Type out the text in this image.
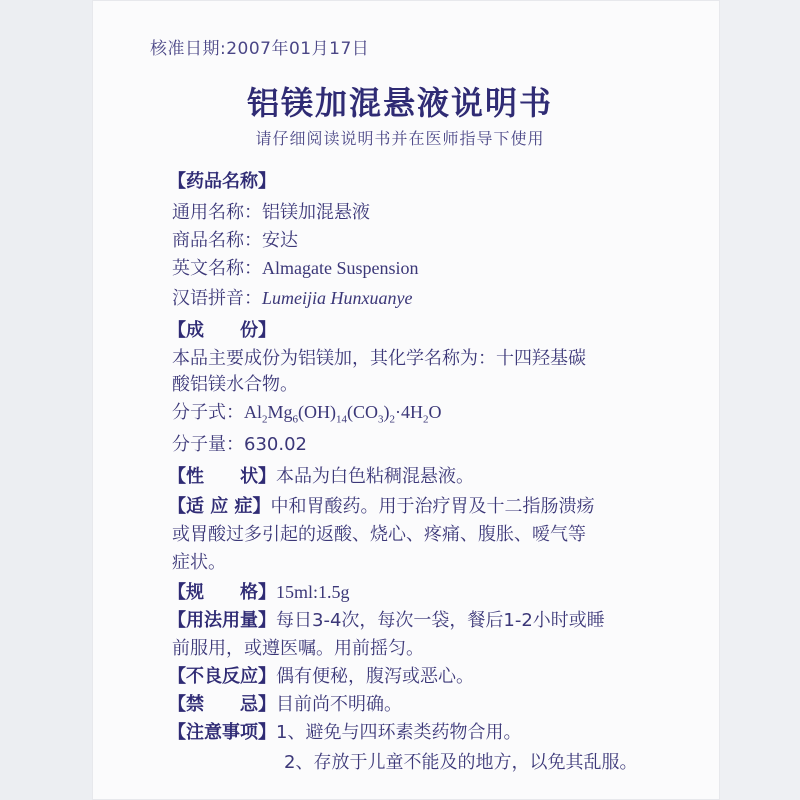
核准日期:2007年01月17日
铝镁加混悬液说明书
请仔细阅读说明书并在医师指导下使用
【药品名称】
通用名称：铝镁加混悬液
商品名称：安达
英文名称：Almagate Suspension
汉语拼音：Lumeijia Hunxuanye
【成　　份】
本品主要成份为铝镁加，其化学名称为：十四羟基碳
酸铝镁水合物。
分子式：$Al_2Mg_6(OH)_{14}(CO_3)_2\cdot 4H_2O$
分子量：630.02
【性　　状】本品为白色粘稠混悬液。
【适 应 症】中和胃酸药。用于治疗胃及十二指肠溃疡
或胃酸过多引起的返酸、烧心、疼痛、腹胀、嗳气等
症状。
【规　　格】15ml:1.5g
【用法用量】每日3-4次，每次一袋，餐后1-2小时或睡
前服用，或遵医嘱。用前摇匀。
【不良反应】偶有便秘，腹泻或恶心。
【禁　　忌】目前尚不明确。
【注意事项】1、避免与四环素类药物合用。
2、存放于儿童不能及的地方，以免其乱服。
